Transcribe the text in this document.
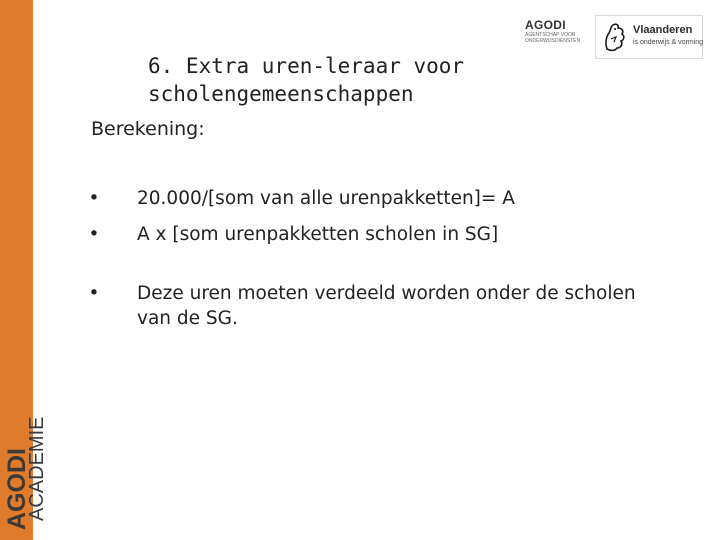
AGODI
ACADEMIE
AGODI
AGENTSCHAP VOOR ONDERWIJSDIENSTEN
Vlaanderen
is onderwijs & vorming
6. Extra uren-leraar voor
scholengemeenschappen

Berekening:

• 20.000/[som van alle urenpakketten]= A
• A x [som urenpakketten scholen in SG]
• Deze uren moeten verdeeld worden onder de scholen van de SG.
